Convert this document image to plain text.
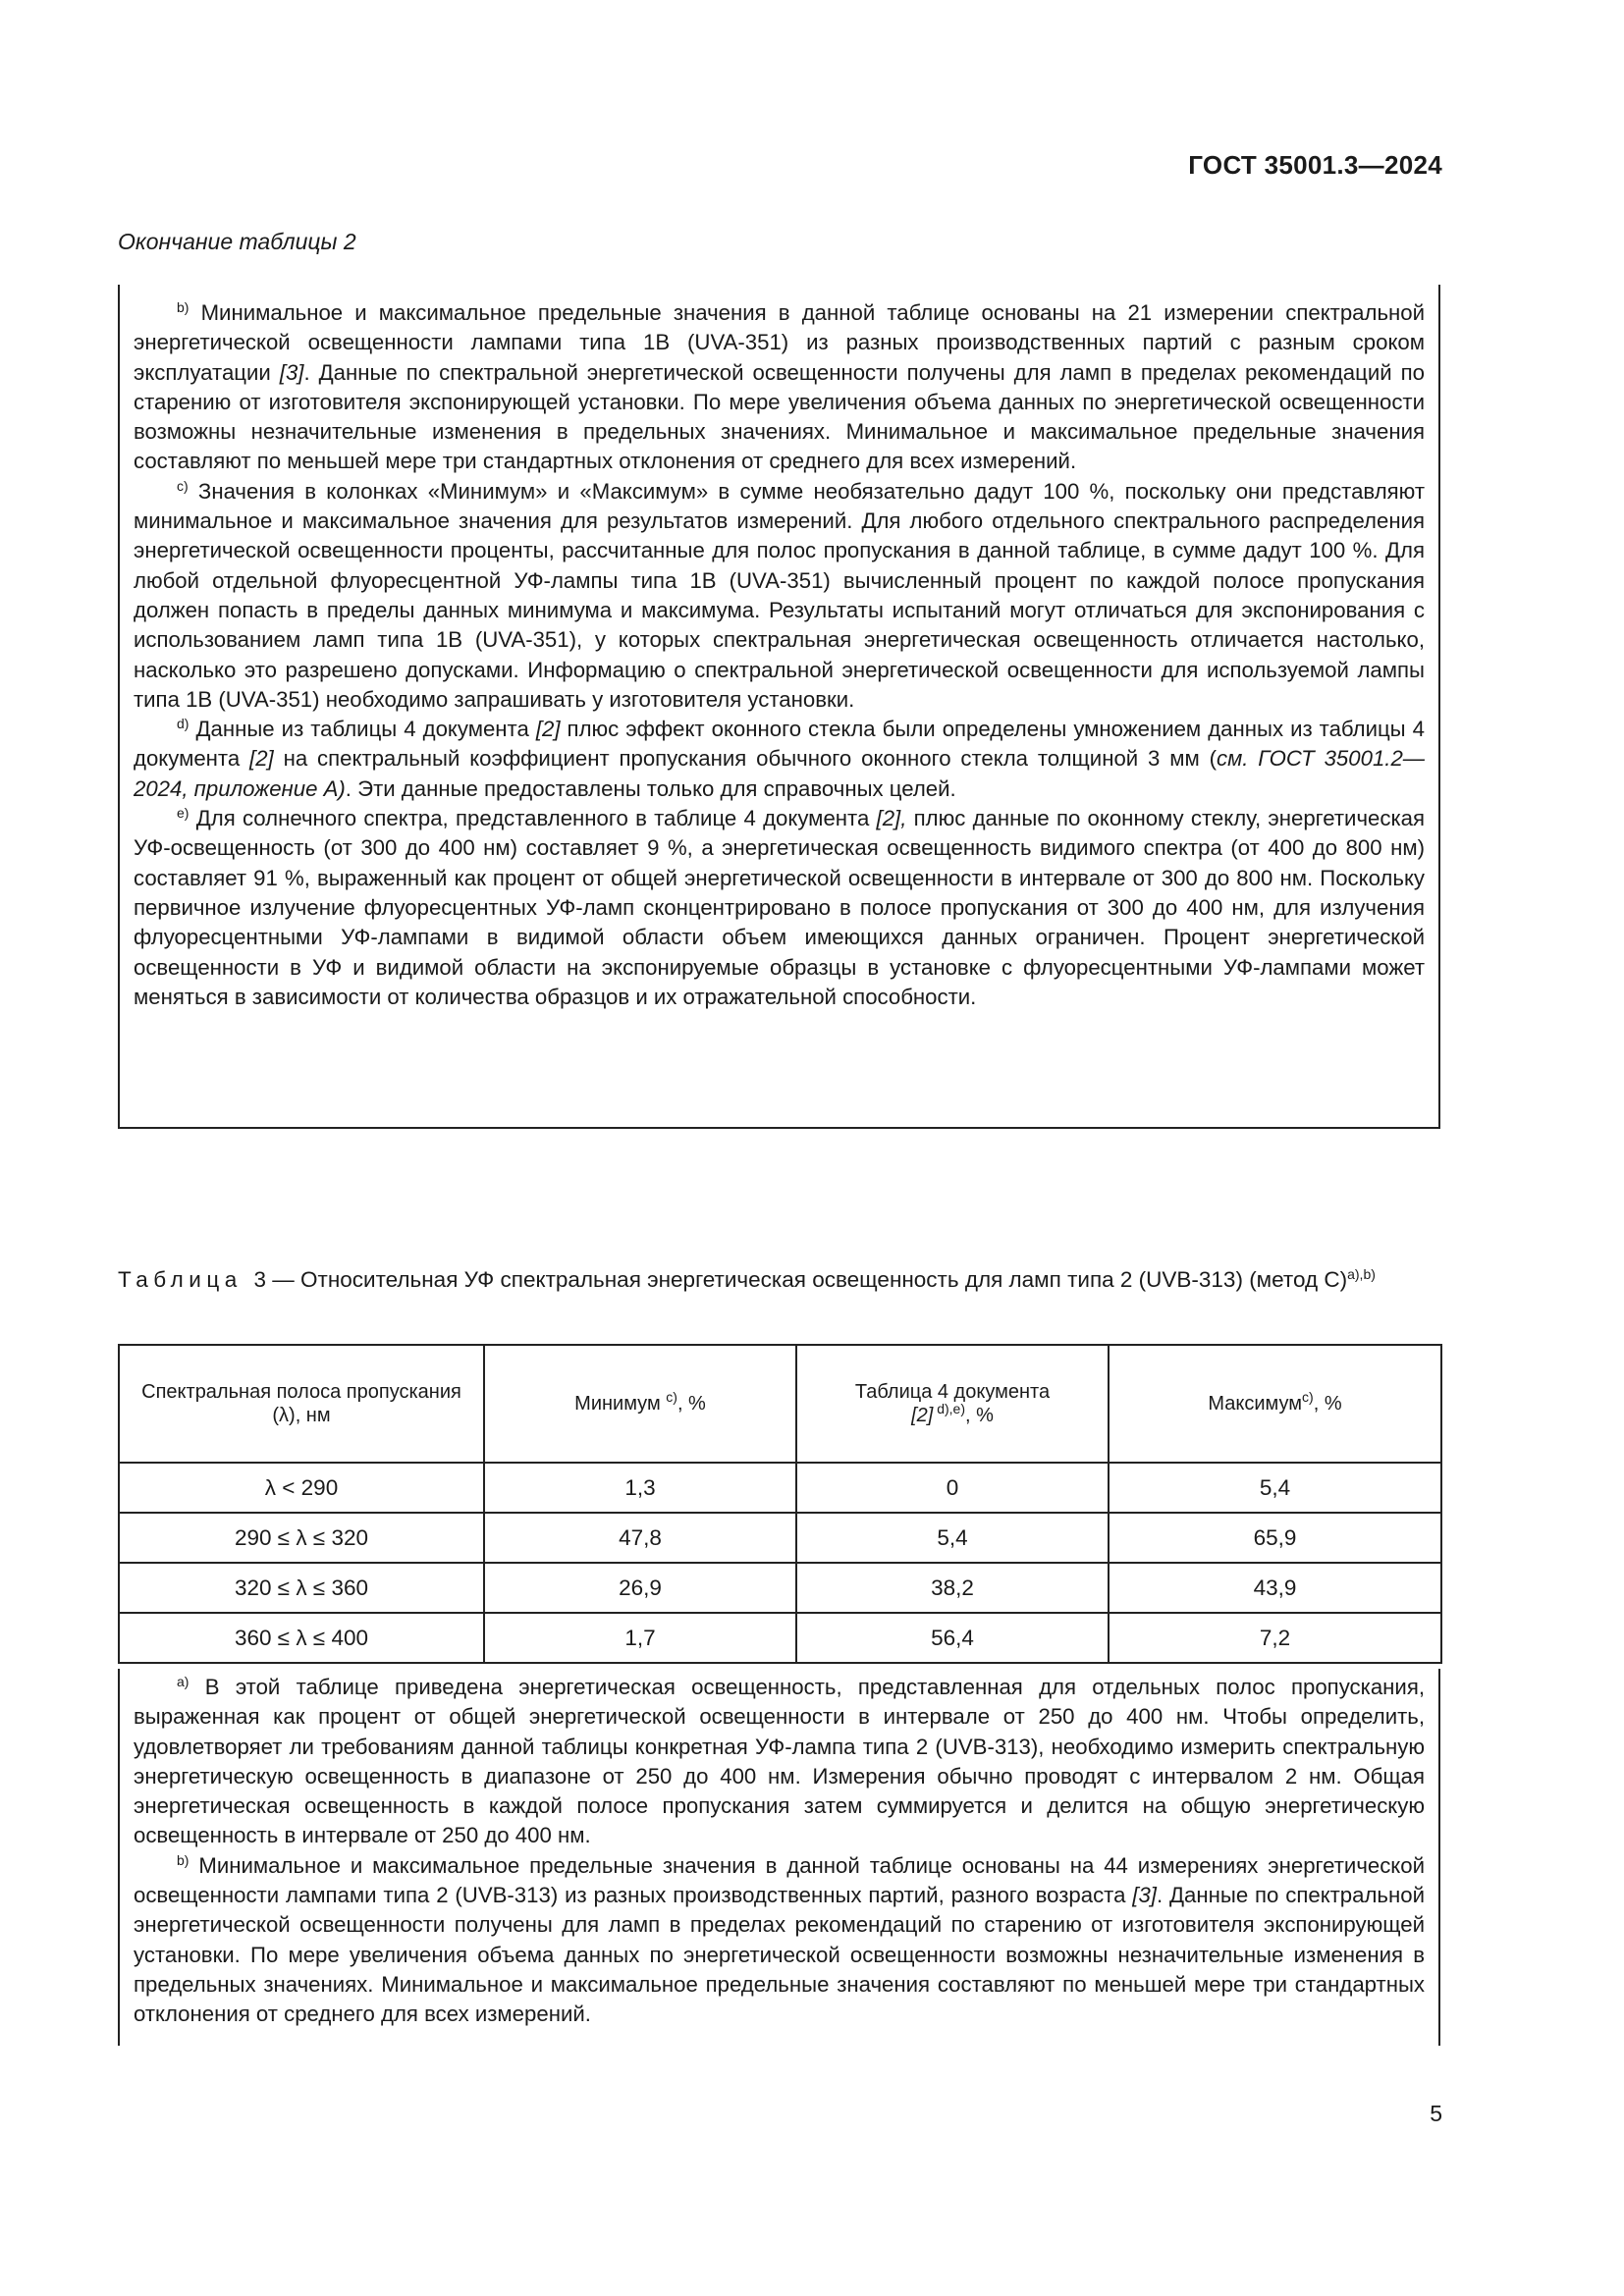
ГОСТ 35001.3—2024
Окончание таблицы 2

$^{b)}$ Минимальное и максимальное предельные значения в данной таблице основаны на 21 измерении спектральной энергетической освещенности лампами типа 1В (UVA-351) из разных производственных партий с разным сроком эксплуатации [3]. Данные по спектральной энергетической освещенности получены для ламп в пределах рекомендаций по старению от изготовителя экспонирующей установки. По мере увеличения объема данных по энергетической освещенности возможны незначительные изменения в предельных значениях. Минимальное и максимальное предельные значения составляют по меньшей мере три стандартных отклонения от среднего для всех измерений.

$^{c)}$ Значения в колонках «Минимум» и «Максимум» в сумме необязательно дадут 100 %, поскольку они представляют минимальное и максимальное значения для результатов измерений. Для любого отдельного спектрального распределения энергетической освещенности проценты, рассчитанные для полос пропускания в данной таблице, в сумме дадут 100 %. Для любой отдельной флуоресцентной УФ-лампы типа 1В (UVA-351) вычисленный процент по каждой полосе пропускания должен попасть в пределы данных минимума и максимума. Результаты испытаний могут отличаться для экспонирования с использованием ламп типа 1В (UVA-351), у которых спектральная энергетическая освещенность отличается настолько, насколько это разрешено допусками. Информацию о спектральной энергетической освещенности для используемой лампы типа 1В (UVA-351) необходимо запрашивать у изготовителя установки.

$^{d)}$ Данные из таблицы 4 документа [2] плюс эффект оконного стекла были определены умножением данных из таблицы 4 документа [2] на спектральный коэффициент пропускания обычного оконного стекла толщиной 3 мм (см. ГОСТ 35001.2—2024, приложение А). Эти данные предоставлены только для справочных целей.

$^{e)}$ Для солнечного спектра, представленного в таблице 4 документа [2], плюс данные по оконному стеклу, энергетическая УФ-освещенность (от 300 до 400 нм) составляет 9 %, а энергетическая освещенность видимого спектра (от 400 до 800 нм) составляет 91 %, выраженный как процент от общей энергетической освещенности в интервале от 300 до 800 нм. Поскольку первичное излучение флуоресцентных УФ-ламп сконцентрировано в полосе пропускания от 300 до 400 нм, для излучения флуоресцентными УФ-лампами в видимой области объем имеющихся данных ограничен. Процент энергетической освещенности в УФ и видимой области на экспонируемые образцы в установке с флуоресцентными УФ-лампами может меняться в зависимости от количества образцов и их отражательной способности.

Таблица 3 — Относительная УФ спектральная энергетическая освещенность для ламп типа 2 (UVB-313) (метод С)$^{a),b)}$
Спектральная полоса пропускания (λ), нм	Минимум $^{c)}$, %	Таблица 4 документа
[2] $^{d),e)}$, %	Максимум$^{c)}$, %
λ < 290	1,3	0	5,4
290 ≤ λ ≤ 320	47,8	5,4	65,9
320 ≤ λ ≤ 360	26,9	38,2	43,9
360 ≤ λ ≤ 400	1,7	56,4	7,2

$^{a)}$ В этой таблице приведена энергетическая освещенность, представленная для отдельных полос пропускания, выраженная как процент от общей энергетической освещенности в интервале от 250 до 400 нм. Чтобы определить, удовлетворяет ли требованиям данной таблицы конкретная УФ-лампа типа 2 (UVB-313), необходимо измерить спектральную энергетическую освещенность в диапазоне от 250 до 400 нм. Измерения обычно проводят с интервалом 2 нм. Общая энергетическая освещенность в каждой полосе пропускания затем суммируется и делится на общую энергетическую освещенность в интервале от 250 до 400 нм.

$^{b)}$ Минимальное и максимальное предельные значения в данной таблице основаны на 44 измерениях энергетической освещенности лампами типа 2 (UVB-313) из разных производственных партий, разного возраста [3]. Данные по спектральной энергетической освещенности получены для ламп в пределах рекомендаций по старению от изготовителя экспонирующей установки. По мере увеличения объема данных по энергетической освещенности возможны незначительные изменения в предельных значениях. Минимальное и максимальное предельные значения составляют по меньшей мере три стандартных отклонения от среднего для всех измерений.

5
